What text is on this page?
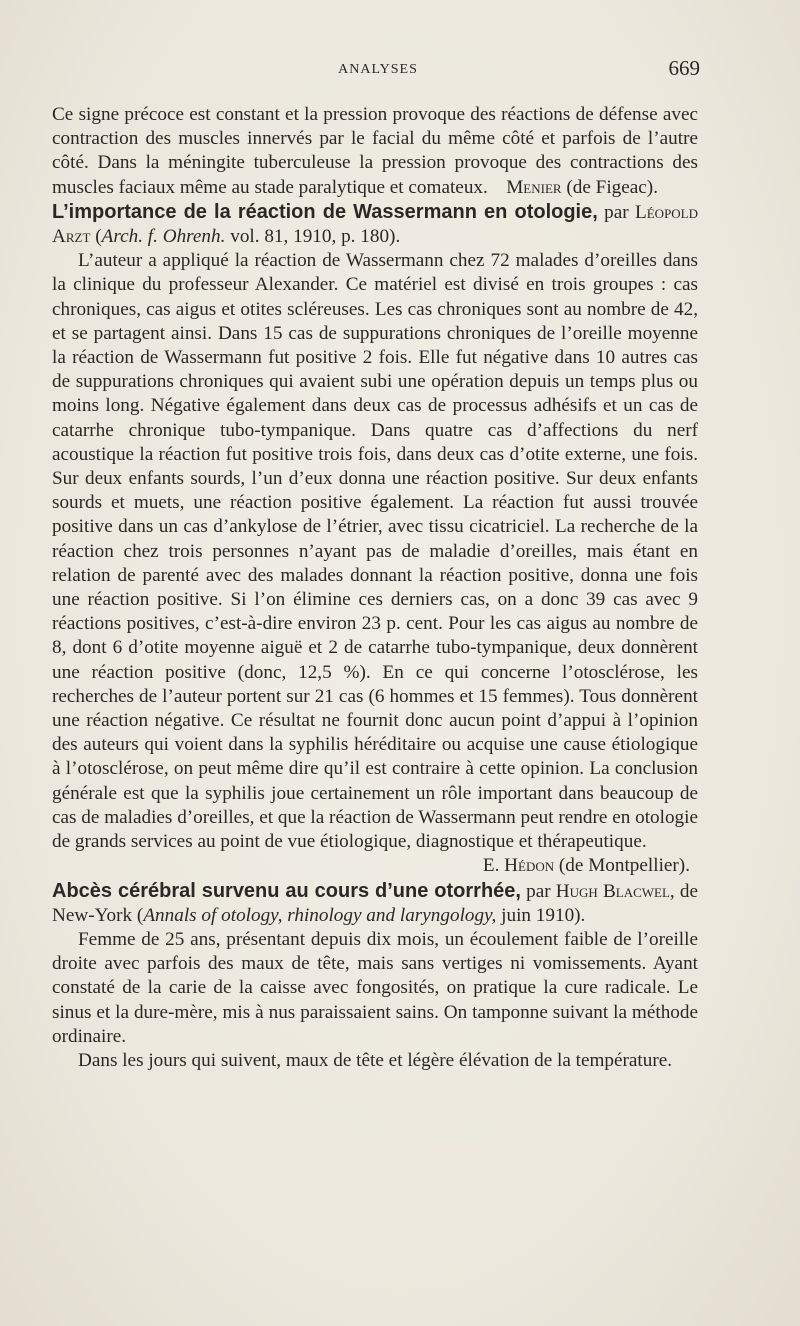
ANALYSES	669

Ce signe précoce est constant et la pression provoque des réactions de défense avec contraction des muscles innervés par le facial du même côté et parfois de l’autre côté. Dans la méningite tuberculeuse la pression provoque des contractions des muscles faciaux même au stade paralytique et comateux. Menier (de Figeac).

L’importance de la réaction de Wassermann en otologie, par Léopold Arzt (Arch. f. Ohrenh. vol. 81, 1910, p. 180).

L’auteur a appliqué la réaction de Wassermann chez 72 malades d’oreilles dans la clinique du professeur Alexander. Ce matériel est divisé en trois groupes : cas chroniques, cas aigus et otites scléreuses. Les cas chroniques sont au nombre de 42, et se partagent ainsi. Dans 15 cas de suppurations chroniques de l’oreille moyenne la réaction de Wassermann fut positive 2 fois. Elle fut négative dans 10 autres cas de suppurations chroniques qui avaient subi une opération depuis un temps plus ou moins long. Négative également dans deux cas de processus adhésifs et un cas de catarrhe chronique tubo-tympanique. Dans quatre cas d’affections du nerf acoustique la réaction fut positive trois fois, dans deux cas d’otite externe, une fois. Sur deux enfants sourds, l’un d’eux donna une réaction positive. Sur deux enfants sourds et muets, une réaction positive également. La réaction fut aussi trouvée positive dans un cas d’ankylose de l’étrier, avec tissu cicatriciel. La recherche de la réaction chez trois personnes n’ayant pas de maladie d’oreilles, mais étant en relation de parenté avec des malades donnant la réaction positive, donna une fois une réaction positive. Si l’on élimine ces derniers cas, on a donc 39 cas avec 9 réactions positives, c’est-à-dire environ 23 p. cent. Pour les cas aigus au nombre de 8, dont 6 d’otite moyenne aiguë et 2 de catarrhe tubo-tympanique, deux donnèrent une réaction positive (donc, 12,5 %). En ce qui concerne l’otosclérose, les recherches de l’auteur portent sur 21 cas (6 hommes et 15 femmes). Tous donnèrent une réaction négative. Ce résultat ne fournit donc aucun point d’appui à l’opinion des auteurs qui voient dans la syphilis héréditaire ou acquise une cause étiologique à l’otosclérose, on peut même dire qu’il est contraire à cette opinion. La conclusion générale est que la syphilis joue certainement un rôle important dans beaucoup de cas de maladies d’oreilles, et que la réaction de Wassermann peut rendre en otologie de grands services au point de vue étiologique, diagnostique et thérapeutique.

E. Hédon (de Montpellier).

Abcès cérébral survenu au cours d’une otorrhée, par Hugh Blacwel, de New-York (Annals of otology, rhinology and laryngology, juin 1910).

Femme de 25 ans, présentant depuis dix mois, un écoulement faible de l’oreille droite avec parfois des maux de tête, mais sans vertiges ni vomissements. Ayant constaté de la carie de la caisse avec fongosités, on pratique la cure radicale. Le sinus et la dure-mère, mis à nus paraissaient sains. On tamponne suivant la méthode ordinaire.

Dans les jours qui suivent, maux de tête et légère élévation de la température.
